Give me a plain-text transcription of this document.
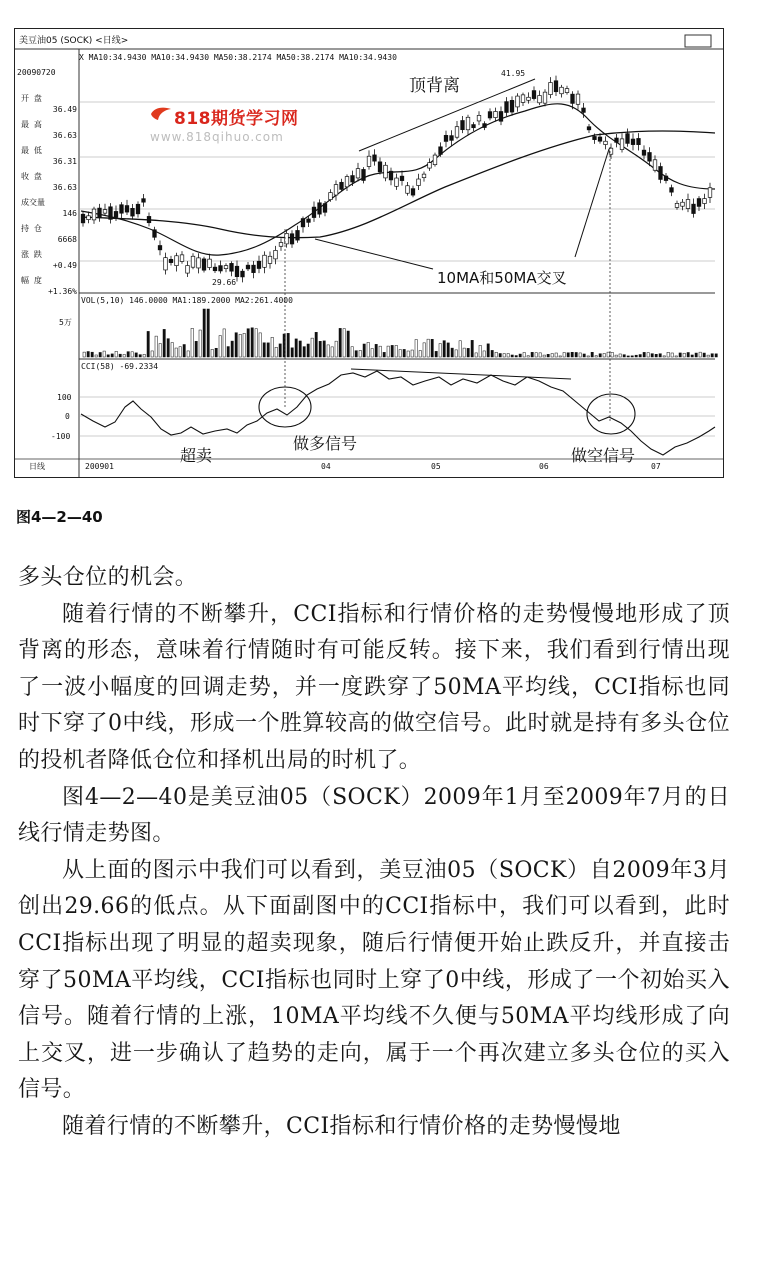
美豆油05 (SOCK) <日线>
X MA10:34.9430 MA10:34.9430 MA50:38.2174 MA50:38.2174 MA10:34.9430
20090720
开 盘
36.49
最 高
36.63
最 低
36.31
收 盘
36.63
成交量
146
持 仓
6668
涨 跌
+0.49
幅 度
+1.36%
41.95
29.66
顶背离
10MA和50MA交叉
VOL(5,10) 146.0000 MA1:189.2000 MA2:261.4000
5万
CCI(58) -69.2334
100
0
-100
超卖
做多信号
做空信号
日线	200901	04	05	06	07
818期货学习网
www.818qihuo.com
图4—2—40

多头仓位的机会。

随着行情的不断攀升，CCI指标和行情价格的走势慢慢地形成了顶背离的形态，意味着行情随时有可能反转。接下来，我们看到行情出现了一波小幅度的回调走势，并一度跌穿了50MA平均线，CCI指标也同时下穿了0中线，形成一个胜算较高的做空信号。此时就是持有多头仓位的投机者降低仓位和择机出局的时机了。

图4—2—40是美豆油05（SOCK）2009年1月至2009年7月的日线行情走势图。

从上面的图示中我们可以看到，美豆油05（SOCK）自2009年3月创出29.66的低点。从下面副图中的CCI指标中，我们可以看到，此时CCI指标出现了明显的超卖现象，随后行情便开始止跌反升，并直接击穿了50MA平均线，CCI指标也同时上穿了0中线，形成了一个初始买入信号。随着行情的上涨，10MA平均线不久便与50MA平均线形成了向上交叉，进一步确认了趋势的走向，属于一个再次建立多头仓位的买入信号。

随着行情的不断攀升，CCI指标和行情价格的走势慢慢地
